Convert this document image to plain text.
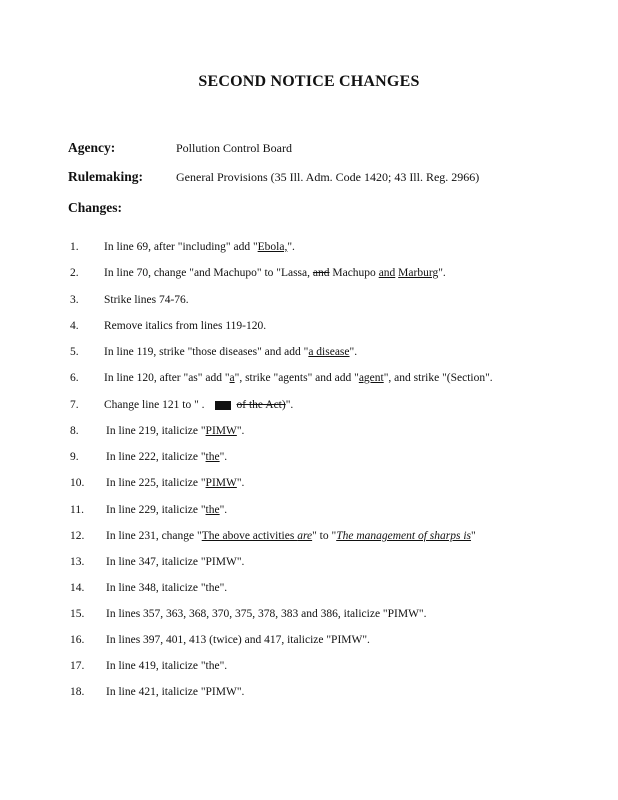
SECOND NOTICE CHANGES
Agency:	Pollution Control Board
Rulemaking:	General Provisions (35 Ill. Adm. Code 1420; 43 Ill. Reg. 2966)
Changes:
1.	In line 69, after "including" add "Ebola,".
2.	In line 70, change "and Machupo" to "Lassa, and Machupo and Marburg".
3.	Strike lines 74-76.
4.	Remove italics from lines 119-120.
5.	In line 119, strike "those diseases" and add "a disease".
6.	In line 120, after "as" add "a", strike "agents" and add "agent", and strike "(Section".
7.	Change line 121 to " .	of the Act)".
8.	In line 219, italicize "PIMW".
9.	In line 222, italicize "the".
10.	In line 225, italicize "PIMW".
11.	In line 229, italicize "the".
12.	In line 231, change "The above activities are" to "The management of sharps is"
13.	In line 347, italicize "PIMW".
14.	In line 348, italicize "the".
15.	In lines 357, 363, 368, 370, 375, 378, 383 and 386, italicize "PIMW".
16.	In lines 397, 401, 413 (twice) and 417, italicize "PIMW".
17.	In line 419, italicize "the".
18.	In line 421, italicize "PIMW".
